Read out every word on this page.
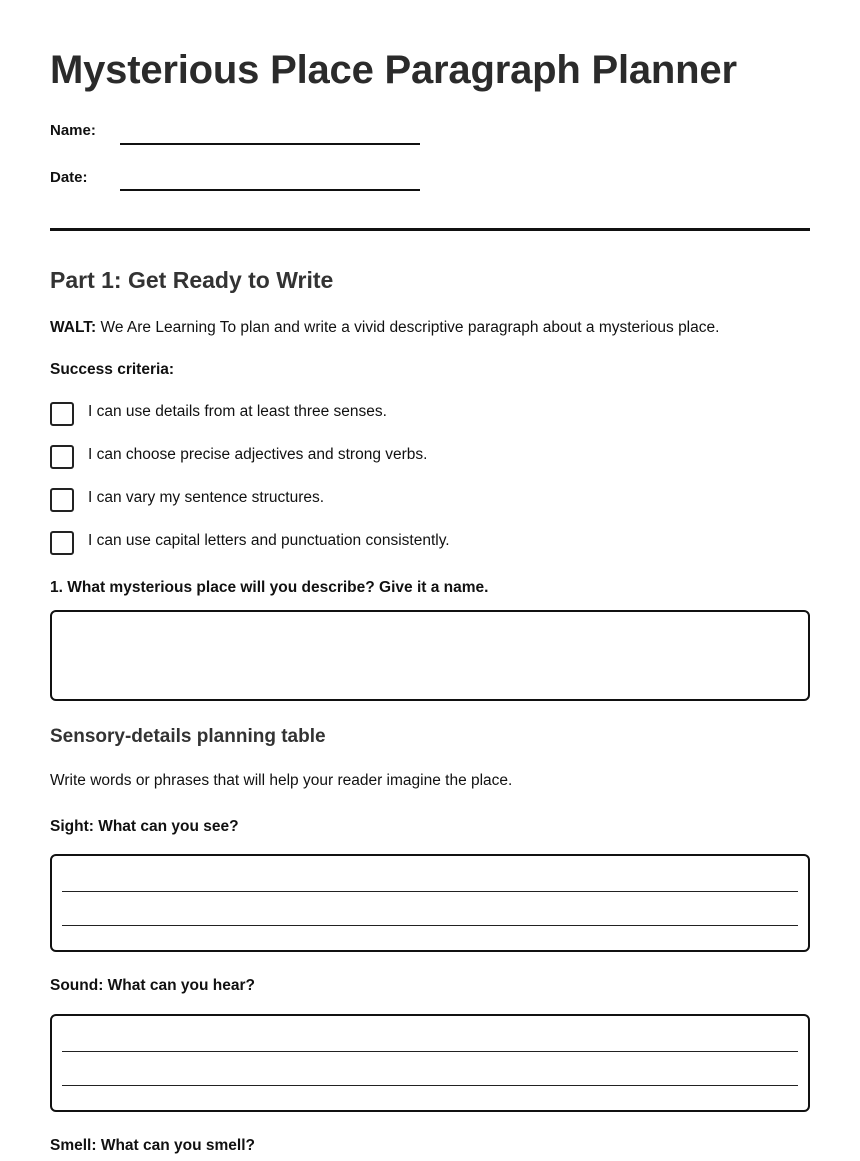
Mysterious Place Paragraph Planner
Name:
Date:
Part 1: Get Ready to Write
WALT: We Are Learning To plan and write a vivid descriptive paragraph about a mysterious place.
Success criteria:
I can use details from at least three senses.
I can choose precise adjectives and strong verbs.
I can vary my sentence structures.
I can use capital letters and punctuation consistently.
1. What mysterious place will you describe? Give it a name.
Sensory-details planning table
Write words or phrases that will help your reader imagine the place.
Sight: What can you see?
Sound: What can you hear?
Smell: What can you smell?
